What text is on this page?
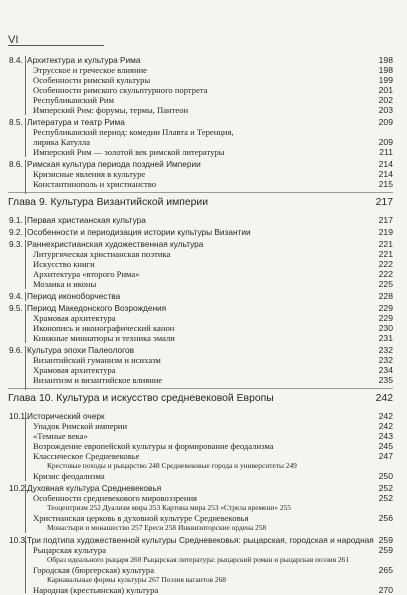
VI
8.4. Архитектура и культура Рима	198
Этрусское и греческое влияние	198
Особенности римской культуры	199
Особенности римского скульптурного портрета	201
Республиканский Рим	202
Имперский Рим: форумы, термы, Пантеон	203
8.5. Литература и театр Рима	209
Республиканский период: комедии Плавта и Теренция,
лирика Катулла	209
Имперский Рим — золотой век римской литературы	211
8.6. Римская культура периода поздней Империи	214
Кризисные явления в культуре	214
Константинополь и христианство	215
Глава 9. Культура Византийской империи	217
9.1. Первая христианская культура	217
9.2. Особенности и периодизация истории культуры Византии	219
9.3. Раннехристианская художественная культура	221
Литургическая христианская поэтика	221
Искусство книги	222
Архитектура «второго Рима»	222
Мозаика и иконы	225
9.4. Период иконоборчества	228
9.5. Период Македонского Возрождения	229
Храмовая архитектура	229
Иконопись и иконографический канон	230
Книжные миниатюры и техника эмали	231
9.6. Культура эпохи Палеологов	232
Византийский гуманизм и исихазм	232
Храмовая архитектура	234
Византизм и византийское влияние	235
Глава 10. Культура и искусство средневековой Европы	242
10.1. Исторический очерк	242
Упадок Римской империи	242
«Темные века»	243
Возрождение европейской культуры и формирование феодализма	245
Классическое Средневековье	247
Крестовые походы и рыцарство 248 Средневековые города и университеты 249
Кризис феодализма	250
10.2. Духовная культура Средневековья	252
Особенности средневекового мировоззрения	252
Теоцентризм 252 Дуализм мира 253 Картина мира 253 «Стрела времени» 255
Христианская церковь в духовной культуре Средневековья	256
Монастыри и монашество 257 Ереси 258 Инквизиторские ордена 258
10.3. Три подтипа художественной культуры Средневековья: рыцарская, городская и народная 259
Рыцарская культура	259
Образ идеального рыцаря 260 Рыцарская литература: рыцарский роман и рыцарская поэзия 261
Городская (бюргерская) культура	265
Карнавальные формы культуры 267 Поэзия вагантов 268
Народная (крестьянская) культура	270
